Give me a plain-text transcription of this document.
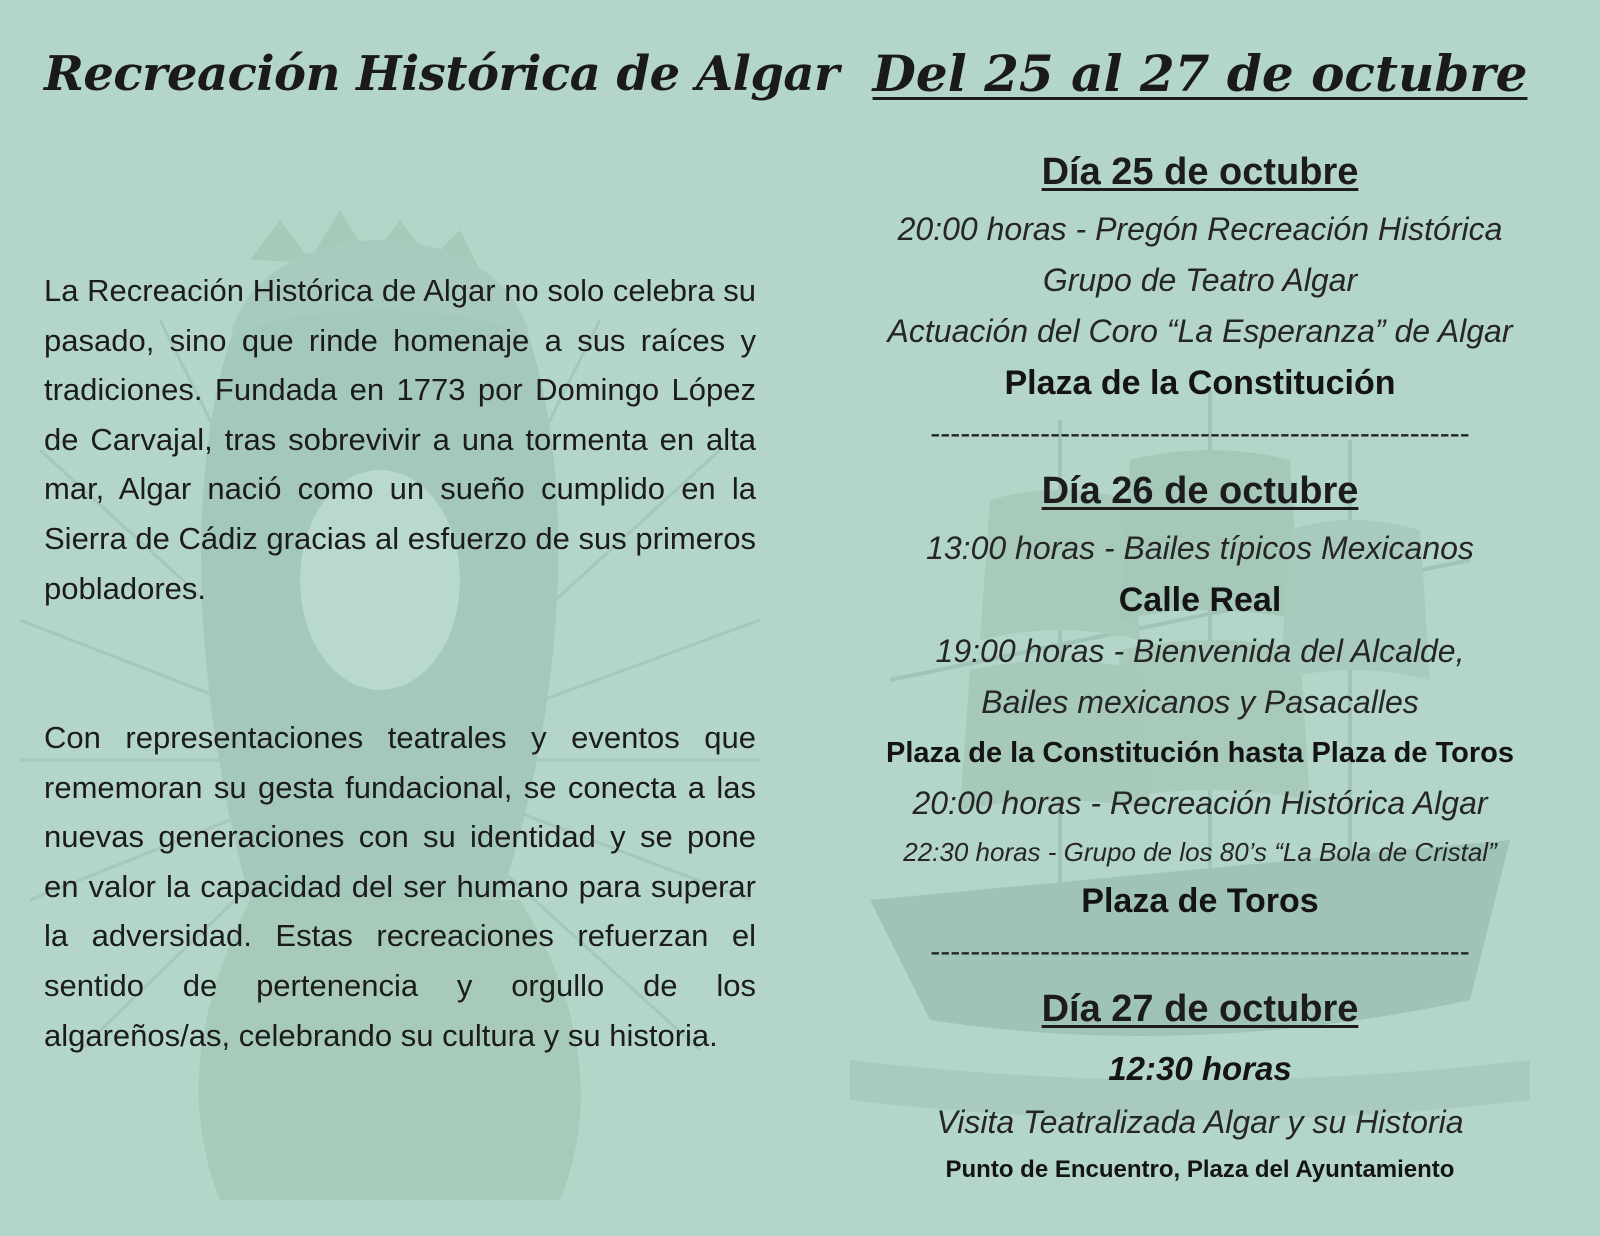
Recreación Histórica de Algar Del 25 al 27 de octubre

La Recreación Histórica de Algar no solo celebra su pasado, sino que rinde homenaje a sus raíces y tradiciones. Fundada en 1773 por Domingo López de Carvajal, tras sobrevivir a una tormenta en alta mar, Algar nació como un sueño cumplido en la Sierra de Cádiz gracias al esfuerzo de sus primeros pobladores.

Con representaciones teatrales y eventos que rememoran su gesta fundacional, se conecta a las nuevas generaciones con su identidad y se pone en valor la capacidad del ser humano para superar la adversidad. Estas recreaciones refuerzan el sentido de pertenencia y orgullo de los algareños/as, celebrando su cultura y su historia.

Día 25 de octubre
20:00 horas - Pregón Recreación Histórica
Grupo de Teatro Algar
Actuación del Coro “La Esperanza” de Algar
Plaza de la Constitución
------------------------------------------------------
Día 26 de octubre
13:00 horas - Bailes típicos Mexicanos
Calle Real
19:00 horas - Bienvenida del Alcalde,
Bailes mexicanos y Pasacalles
Plaza de la Constitución hasta Plaza de Toros
20:00 horas - Recreación Histórica Algar
22:30 horas - Grupo de los 80’s “La Bola de Cristal”
Plaza de Toros
------------------------------------------------------
Día 27 de octubre
12:30 horas
Visita Teatralizada Algar y su Historia
Punto de Encuentro, Plaza del Ayuntamiento
